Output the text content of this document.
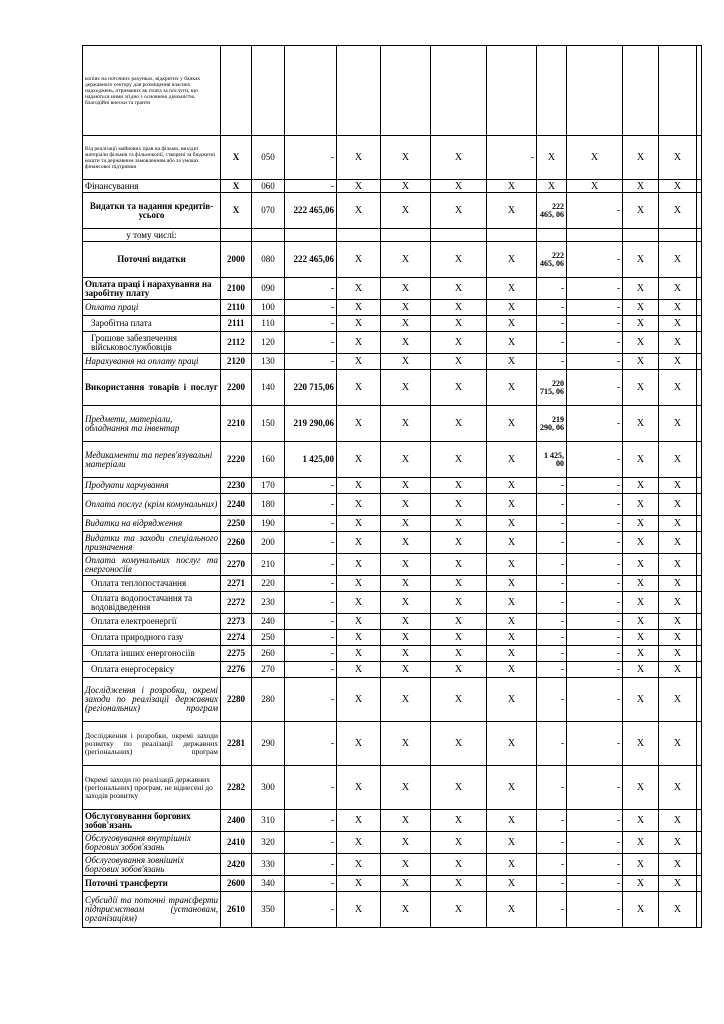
копіях на поточних рахунках, відкритих у банках державного сектору для розміщення власних надходжень, отриманих як плата за послуги, що надаються ними згідно з основною діяльністю, благодійні внески та гранти												
Від реалізації майнових прав на фільми, вихідні матеріали фільмів та фільмокопії, створені за бюджетні кошти та державним замовленням або за умовах фінансової підтримки	X	050	-	X	X	X	-	X	X	X	X	
Фінансування	X	060	-	X	X	X	X	X	X	X	X	
Видатки та надання кредитів- усього	X	070	222 465,06	X	X	X	X	222 465, 06	-	X	X	
у тому числі:												
Поточні видатки	2000	080	222 465,06	X	X	X	X	222 465, 06	-	X	X	
Оплата праці і нарахування на заробітну плату	2100	090	-	X	X	X	X	-	-	X	X	
Оплата праці	2110	100	-	X	X	X	X	-	-	X	X	
Заробітна плата	2111	110	-	X	X	X	X	-	-	X	X	
Грошове забезпечення військовослужбовців	2112	120	-	X	X	X	X	-	-	X	X	
Нарахування на оплату праці	2120	130	-	X	X	X	X	-	-	X	X	
Використання товарів і послуг	2200	140	220 715,06	X	X	X	X	220 715, 06	-	X	X	
Предмети, матеріали, обладнання та інвентар	2210	150	219 290,06	X	X	X	X	219 290, 06	-	X	X	
Медикаменти та перев'язувальні матеріали	2220	160	1 425,00	X	X	X	X	1 425, 00	-	X	X	
Продукти харчування	2230	170	-	X	X	X	X	-	-	X	X	
Оплата послуг (крім комунальних)	2240	180	-	X	X	X	X	-	-	X	X	
Видатки на відрядження	2250	190	-	X	X	X	X	-	-	X	X	
Видатки та заходи спеціального призначення	2260	200	-	X	X	X	X	-	-	X	X	
Оплата комунальних послуг та енергоносіїв	2270	210	-	X	X	X	X	-	-	X	X	
Оплата теплопостачання	2271	220	-	X	X	X	X	-	-	X	X	
Оплата водопостачання та водовідведення	2272	230	-	X	X	X	X	-	-	X	X	
Оплата електроенергії	2273	240	-	X	X	X	X	-	-	X	X	
Оплата природного газу	2274	250	-	X	X	X	X	-	-	X	X	
Оплата інших енергоносіїв	2275	260	-	X	X	X	X	-	-	X	X	
Оплата енергосервісу	2276	270	-	X	X	X	X	-	-	X	X	
Дослідження і розробки, окремі заходи по реалізації державних (регіональних) програм	2280	280	-	X	X	X	X	-	-	X	X	
Дослідження і розробки, окремі заходи розвитку по реалізації державних (регіональних) програм	2281	290	-	X	X	X	X	-	-	X	X	
Окремі заходи по реалізації державних (регіональних) програм, не віднесені до заходів розвитку	2282	300	-	X	X	X	X	-	-	X	X	
Обслуговування боргових зобов'язань	2400	310	-	X	X	X	X	-	-	X	X	
Обслуговування внутрішніх боргових зобов'язань	2410	320	-	X	X	X	X	-	-	X	X	
Обслуговування зовнішніх боргових зобов'язань	2420	330	-	X	X	X	X	-	-	X	X	
Поточні трансферти	2600	340	-	X	X	X	X	-	-	X	X	
Субсидії та поточні трансферти підприємствам (установам, організаціям)	2610	350	-	X	X	X	X	-	-	X	X	
